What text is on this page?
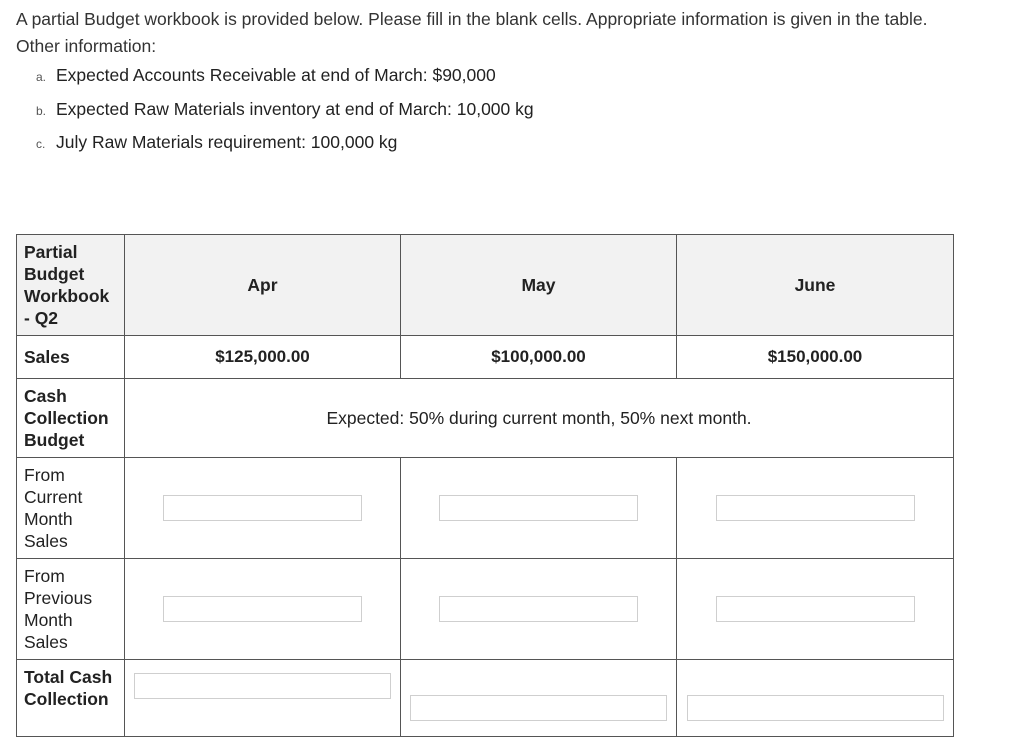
A partial Budget workbook is provided below. Please fill in the blank cells. Appropriate information is given in the table.
Other information:
a. Expected Accounts Receivable at end of March: $90,000
b. Expected Raw Materials inventory at end of March: 10,000 kg
c. July Raw Materials requirement: 100,000 kg
Partial Budget Workbook - Q2	Apr	May	June
Sales	$125,000.00	$100,000.00	$150,000.00
Cash Collection Budget	Expected: 50% during current month, 50% next month.		
From Current Month Sales			
From Previous Month Sales			
Total Cash Collection			
